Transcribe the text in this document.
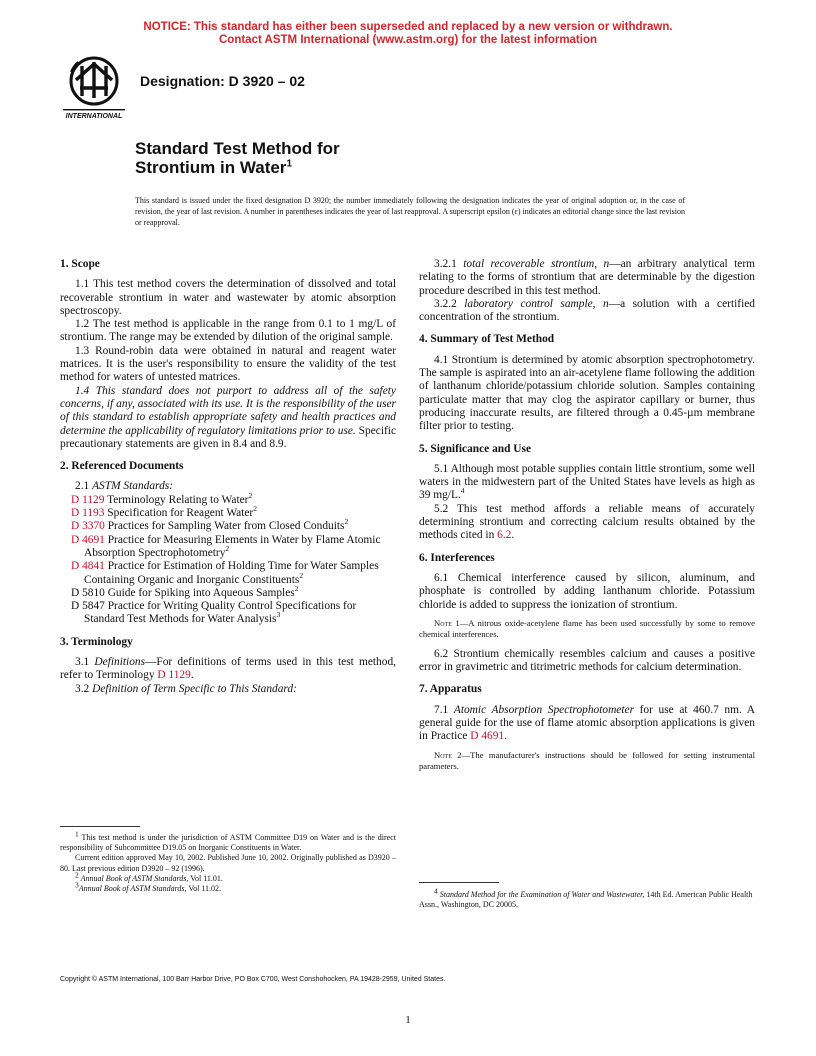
NOTICE: This standard has either been superseded and replaced by a new version or withdrawn.
Contact ASTM International (www.astm.org) for the latest information
INTERNATIONAL
Designation: D 3920 – 02
Standard Test Method for
Strontium in Water$^1$
This standard is issued under the fixed designation D 3920; the number immediately following the designation indicates the year of original adoption or, in the case of revision, the year of last revision. A number in parentheses indicates the year of last reapproval. A superscript epsilon (ε) indicates an editorial change since the last revision or reapproval.
1. Scope

1.1 This test method covers the determination of dissolved and total recoverable strontium in water and wastewater by atomic absorption spectroscopy.

1.2 The test method is applicable in the range from 0.1 to 1 mg/L of strontium. The range may be extended by dilution of the original sample.

1.3 Round-robin data were obtained in natural and reagent water matrices. It is the user's responsibility to ensure the validity of the test method for waters of untested matrices.

1.4 This standard does not purport to address all of the safety concerns, if any, associated with its use. It is the responsibility of the user of this standard to establish appropriate safety and health practices and determine the applicability of regulatory limitations prior to use. Specific precautionary statements are given in 8.4 and 8.9.

2. Referenced Documents

2.1 ASTM Standards:

D 1129 Terminology Relating to Water$^2$

D 1193 Specification for Reagent Water$^2$

D 3370 Practices for Sampling Water from Closed Conduits$^2$

D 4691 Practice for Measuring Elements in Water by Flame Atomic Absorption Spectrophotometry$^2$

D 4841 Practice for Estimation of Holding Time for Water Samples Containing Organic and Inorganic Constituents$^2$

D 5810 Guide for Spiking into Aqueous Samples$^2$

D 5847 Practice for Writing Quality Control Specifications for Standard Test Methods for Water Analysis$^3$

3. Terminology

3.1 Definitions—For definitions of terms used in this test method, refer to Terminology D 1129.

3.2 Definition of Term Specific to This Standard:

3.2.1 total recoverable strontium, n—an arbitrary analytical term relating to the forms of strontium that are determinable by the digestion procedure described in this test method.

3.2.2 laboratory control sample, n—a solution with a certified concentration of the strontium.

4. Summary of Test Method

4.1 Strontium is determined by atomic absorption spectrophotometry. The sample is aspirated into an air-acetylene flame following the addition of lanthanum chloride/potassium chloride solution. Samples containing particulate matter that may clog the aspirator capillary or burner, thus producing inaccurate results, are filtered through a 0.45-µm membrane filter prior to testing.

5. Significance and Use

5.1 Although most potable supplies contain little strontium, some well waters in the midwestern part of the United States have levels as high as 39 mg/L.$^4$

5.2 This test method affords a reliable means of accurately determining strontium and correcting calcium results obtained by the methods cited in 6.2.

6. Interferences

6.1 Chemical interference caused by silicon, aluminum, and phosphate is controlled by adding lanthanum chloride. Potassium chloride is added to suppress the ionization of strontium.

Note 1—A nitrous oxide-acetylene flame has been used successfully by some to remove chemical interferences.

6.2 Strontium chemically resembles calcium and causes a positive error in gravimetric and titrimetric methods for calcium determination.

7. Apparatus

7.1 Atomic Absorption Spectrophotometer for use at 460.7 nm. A general guide for the use of flame atomic absorption applications is given in Practice D 4691.

Note 2—The manufacturer's instructions should be followed for setting instrumental parameters.

$^1$ This test method is under the jurisdiction of ASTM Committee D19 on Water and is the direct responsibility of Subcommittee D19.05 on Inorganic Constituents in Water.

Current edition approved May 10, 2002. Published June 10, 2002. Originally published as D3920 – 80. Last previous edition D3920 – 92 (1996).

$^2$ Annual Book of ASTM Standards, Vol 11.01.

$^3$Annual Book of ASTM Standards, Vol 11.02.	$^4$ Standard Method for the Examination of Water and Wastewater, 14th Ed. American Public Health Assn., Washington, DC 20005.

Copyright © ASTM International, 100 Barr Harbor Drive, PO Box C700, West Conshohocken, PA 19428-2959, United States.
1
